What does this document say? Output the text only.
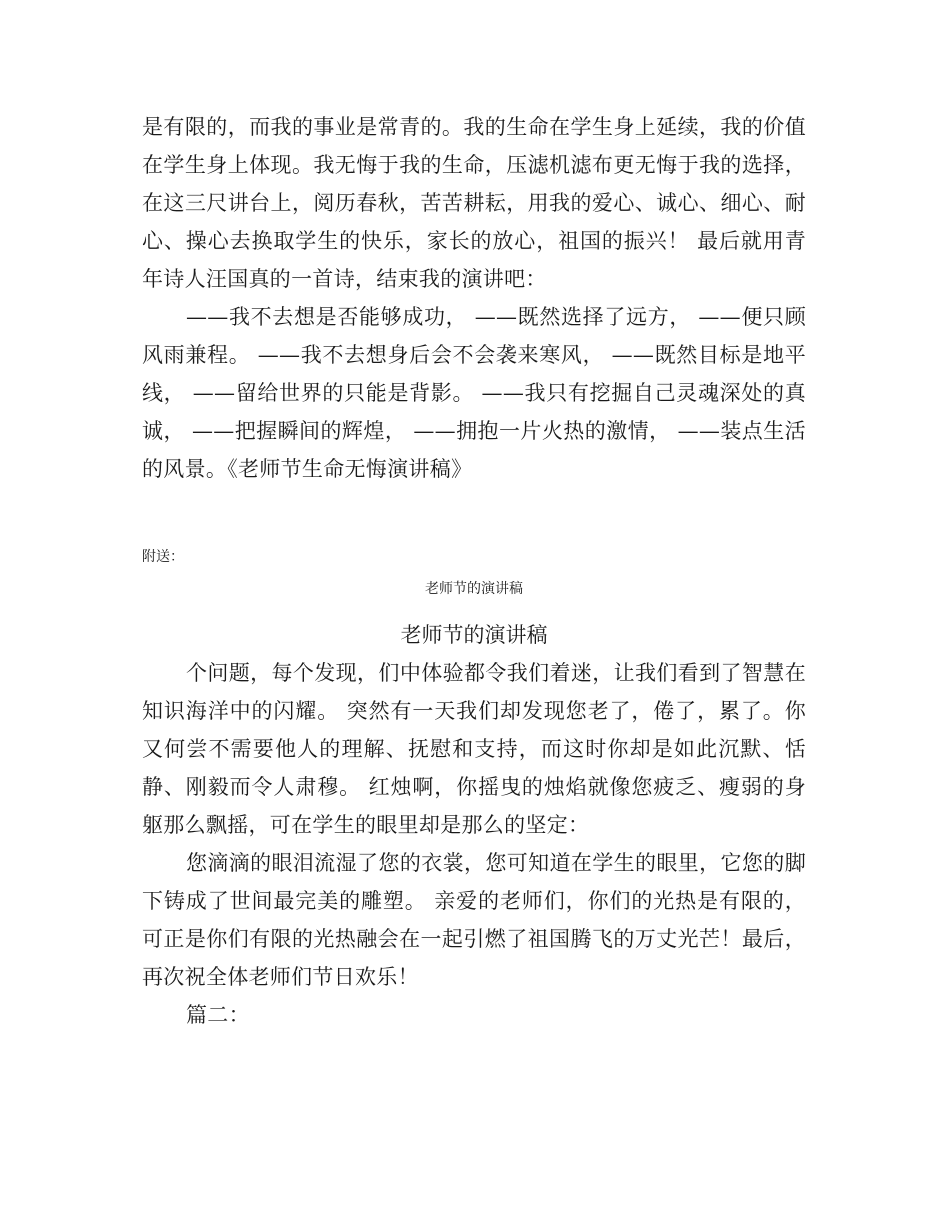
是有限的，而我的事业是常青的。我的生命在学生身上延续，我的价值在学生身上体现。我无悔于我的生命，压滤机滤布更无悔于我的选择，在这三尺讲台上，阅历春秋，苦苦耕耘，用我的爱心、诚心、细心、耐心、操心去换取学生的快乐，家长的放心，祖国的振兴！ 最后就用青年诗人汪国真的一首诗，结束我的演讲吧：

——我不去想是否能够成功， ——既然选择了远方， ——便只顾风雨兼程。 ——我不去想身后会不会袭来寒风， ——既然目标是地平线， ——留给世界的只能是背影。 ——我只有挖掘自己灵魂深处的真诚， ——把握瞬间的辉煌， ——拥抱一片火热的激情， ——装点生活的风景。《老师节生命无悔演讲稿》

附送：

老师节的演讲稿

老师节的演讲稿

个问题，每个发现，们中体验都令我们着迷，让我们看到了智慧在知识海洋中的闪耀。 突然有一天我们却发现您老了，倦了，累了。你又何尝不需要他人的理解、抚慰和支持，而这时你却是如此沉默、恬静、刚毅而令人肃穆。 红烛啊，你摇曳的烛焰就像您疲乏、瘦弱的身躯那么飘摇，可在学生的眼里却是那么的坚定：

您滴滴的眼泪流湿了您的衣裳，您可知道在学生的眼里，它您的脚下铸成了世间最完美的雕塑。 亲爱的老师们，你们的光热是有限的，可正是你们有限的光热融会在一起引燃了祖国腾飞的万丈光芒！最后，再次祝全体老师们节日欢乐！

篇二：
